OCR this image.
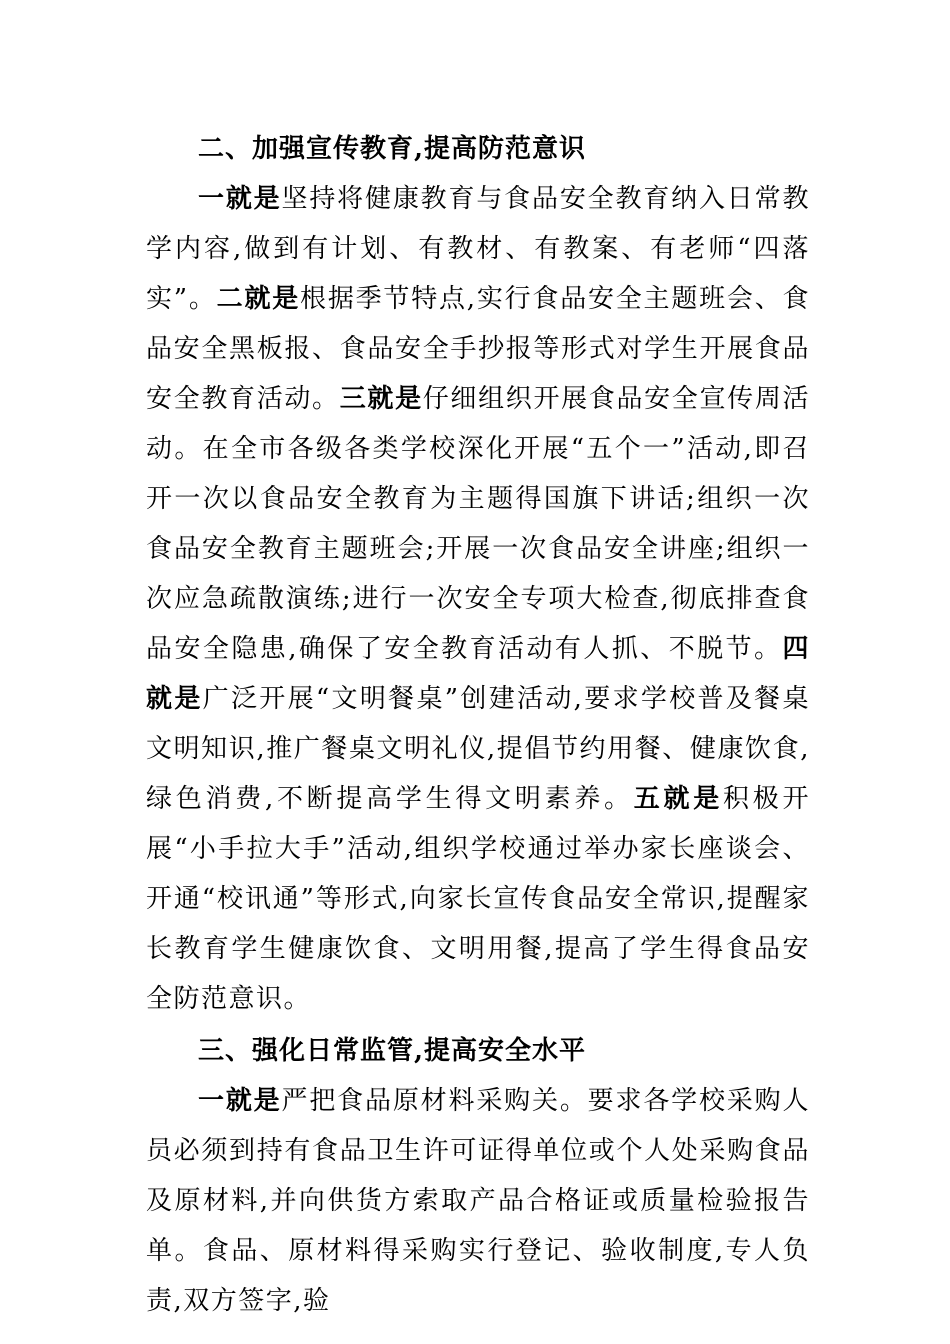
二、加强宣传教育,提高防范意识

一就是坚持将健康教育与食品安全教育纳入日常教学内容,做到有计划、有教材、有教案、有老师“四落实”。二就是根据季节特点,实行食品安全主题班会、食品安全黑板报、食品安全手抄报等形式对学生开展食品安全教育活动。三就是仔细组织开展食品安全宣传周活动。在全市各级各类学校深化开展“五个一”活动,即召开一次以食品安全教育为主题得国旗下讲话;组织一次食品安全教育主题班会;开展一次食品安全讲座;组织一次应急疏散演练;进行一次安全专项大检查,彻底排查食品安全隐患,确保了安全教育活动有人抓、不脱节。四就是广泛开展“文明餐桌”创建活动,要求学校普及餐桌文明知识,推广餐桌文明礼仪,提倡节约用餐、健康饮食,绿色消费,不断提高学生得文明素养。五就是积极开展“小手拉大手”活动,组织学校通过举办家长座谈会、开通“校讯通”等形式,向家长宣传食品安全常识,提醒家长教育学生健康饮食、文明用餐,提高了学生得食品安全防范意识。

三、强化日常监管,提高安全水平

一就是严把食品原材料采购关。要求各学校采购人员必须到持有食品卫生许可证得单位或个人处采购食品及原材料,并向供货方索取产品合格证或质量检验报告单。食品、原材料得采购实行登记、验收制度,专人负责,双方签字,验
